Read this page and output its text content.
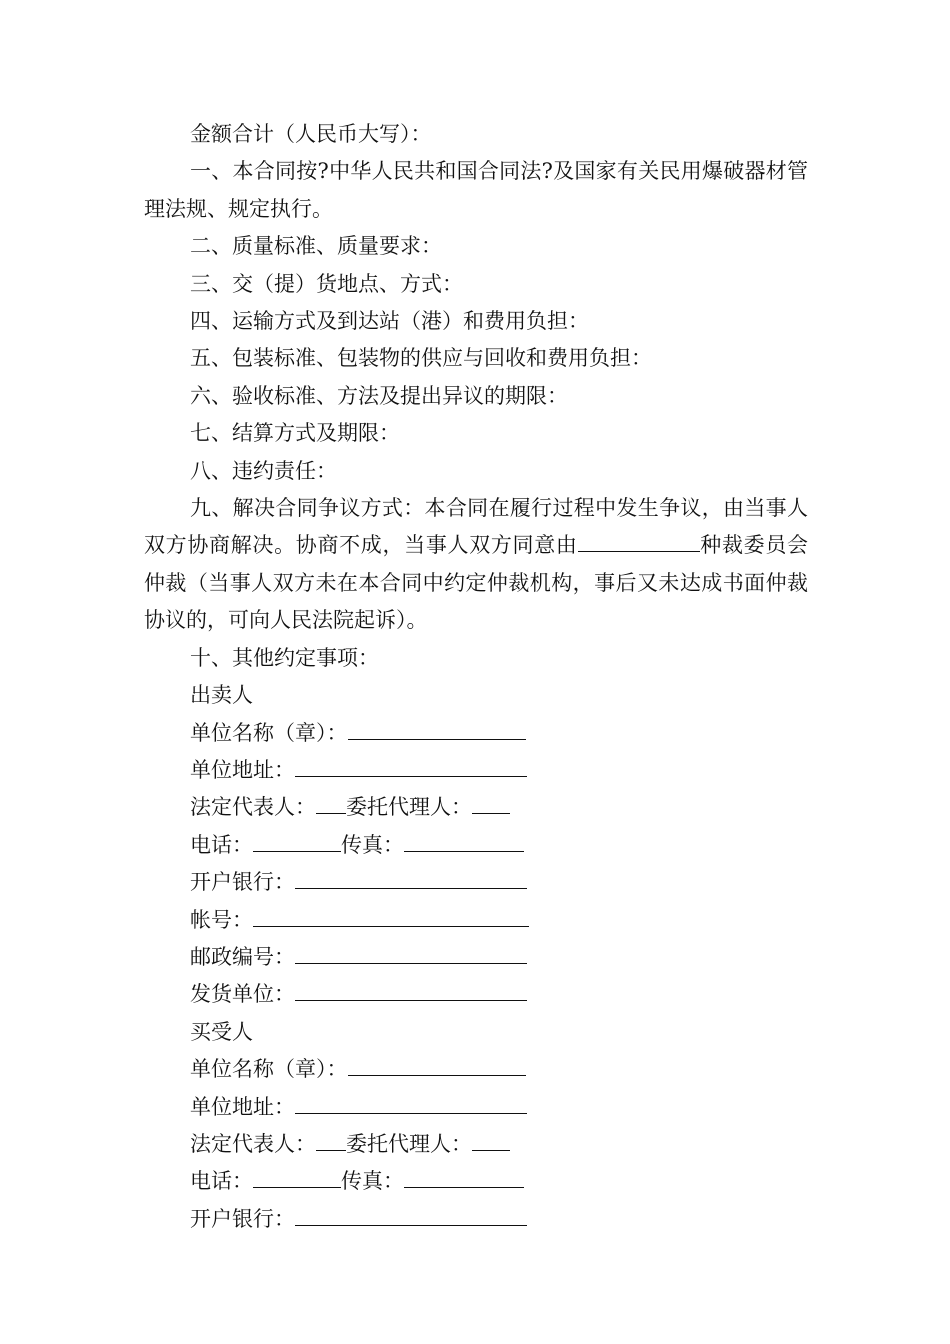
金额合计（人民币大写）：

一、本合同按?中华人民共和国合同法?及国家有关民用爆破器材管理法规、规定执行。

二、质量标准、质量要求：

三、交（提）货地点、方式：

四、运输方式及到达站（港）和费用负担：

五、包装标准、包装物的供应与回收和费用负担：

六、验收标准、方法及提出异议的期限：

七、结算方式及期限：

八、违约责任：

九、解决合同争议方式：本合同在履行过程中发生争议，由当事人双方协商解决。协商不成，当事人双方同意由	种裁委员会仲裁（当事人双方未在本合同中约定仲裁机构，事后又未达成书面仲裁协议的，可向人民法院起诉）。

十、其他约定事项：

出卖人

单位名称（章）：

单位地址：

法定代表人： 委托代理人：

电话：	传真：

开户银行：

帐号：

邮政编号：

发货单位：

买受人

单位名称（章）：

单位地址：

法定代表人： 委托代理人：

电话：	传真：

开户银行：
